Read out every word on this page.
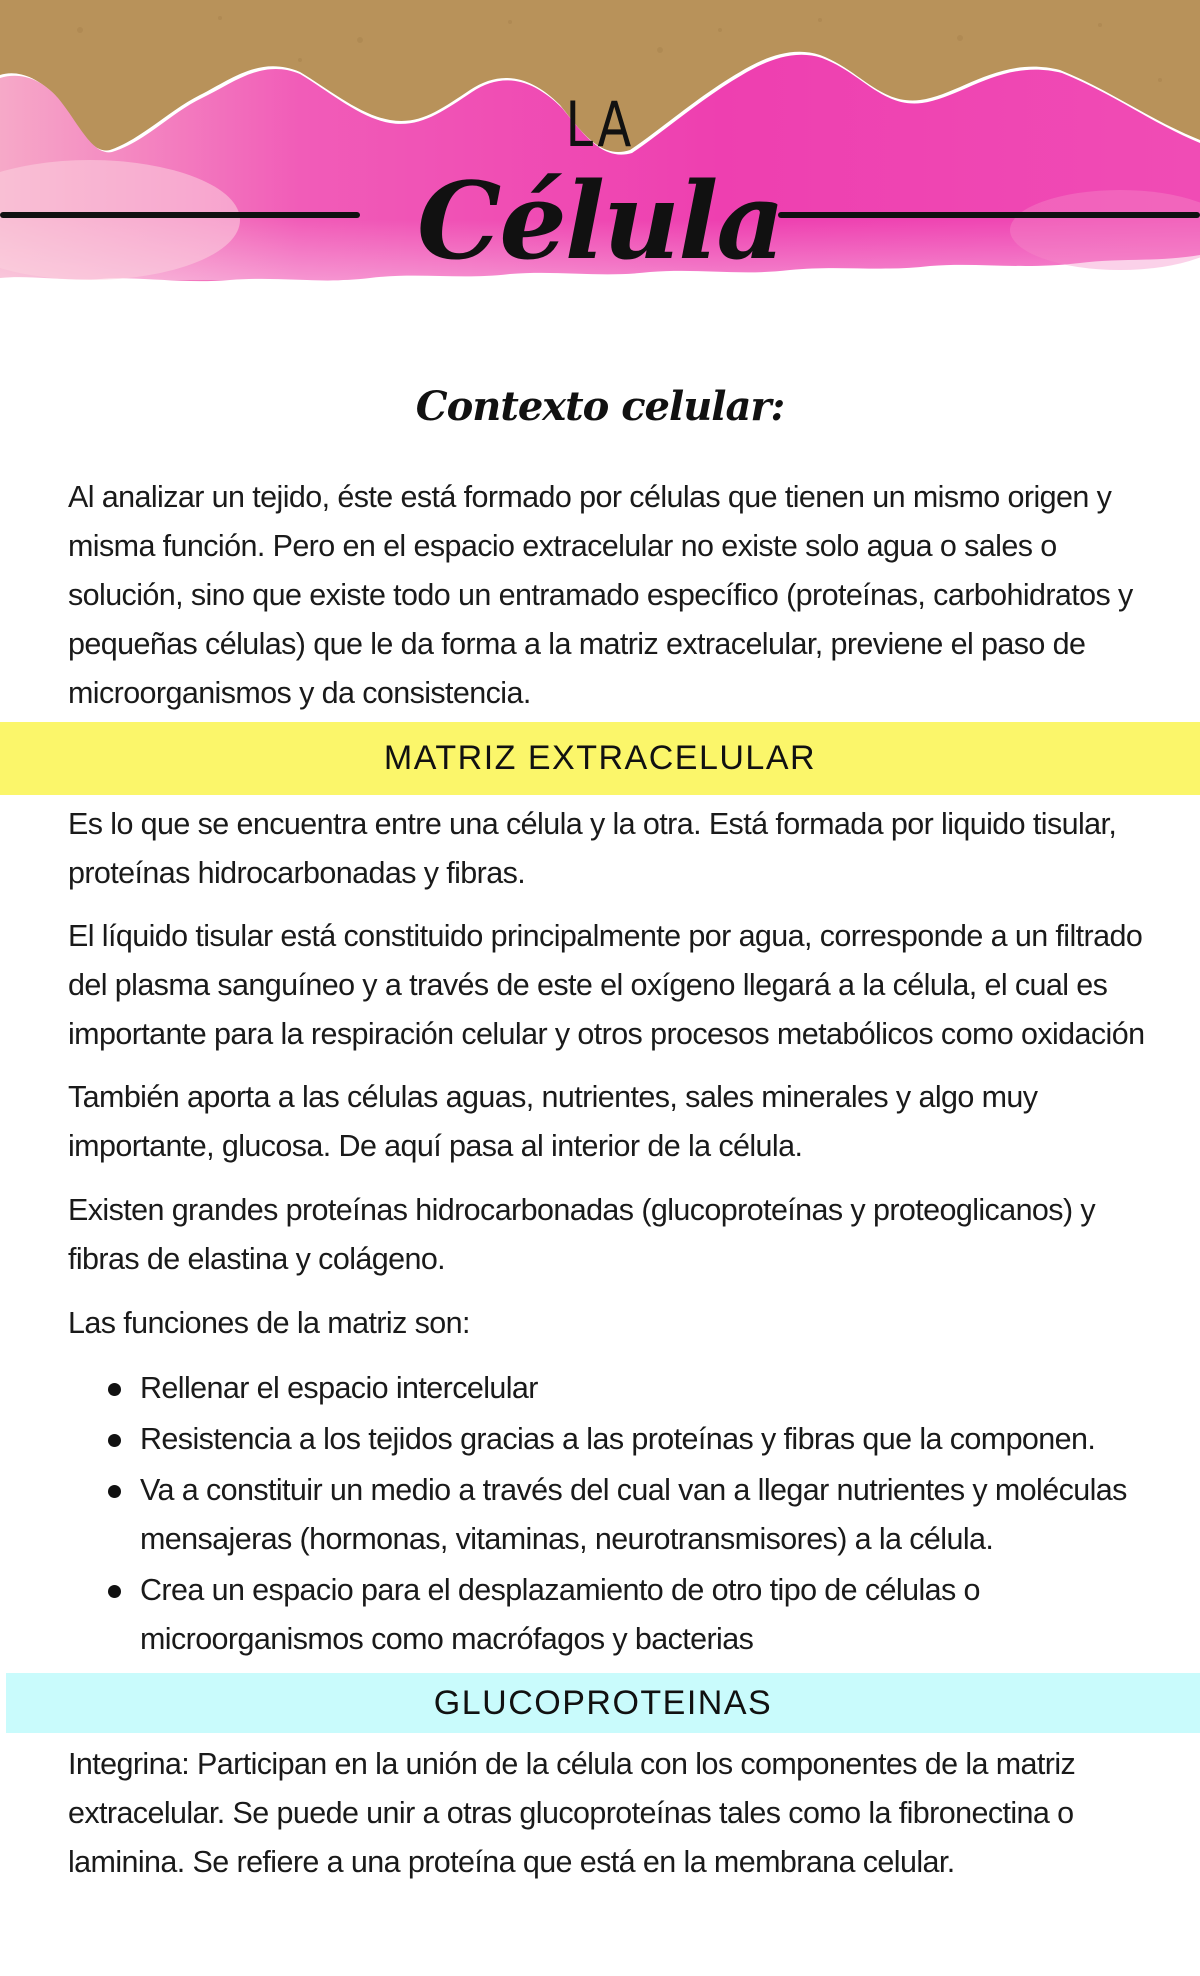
LA
Célula
Contexto celular:
Al analizar un tejido, éste está formado por células que tienen un mismo origen y misma función. Pero en el espacio extracelular no existe solo agua o sales o solución, sino que existe todo un entramado específico (proteínas, carbohidratos y pequeñas células) que le da forma a la matriz extracelular, previene el paso de microorganismos y da consistencia.
MATRIZ EXTRACELULAR
Es lo que se encuentra entre una célula y la otra. Está formada por liquido tisular, proteínas hidrocarbonadas y fibras.
El líquido tisular está constituido principalmente por agua, corresponde a un filtrado del plasma sanguíneo y a través de este el oxígeno llegará a la célula, el cual es importante para la respiración celular y otros procesos metabólicos como oxidación
También aporta a las células aguas, nutrientes, sales minerales y algo muy importante, glucosa. De aquí pasa al interior de la célula.
Existen grandes proteínas hidrocarbonadas (glucoproteínas y proteoglicanos) y fibras de elastina y colágeno.
Las funciones de la matriz son:
Rellenar el espacio intercelular
Resistencia a los tejidos gracias a las proteínas y fibras que la componen.
Va a constituir un medio a través del cual van a llegar nutrientes y moléculas mensajeras (hormonas, vitaminas, neurotransmisores) a la célula.
Crea un espacio para el desplazamiento de otro tipo de células o microorganismos como macrófagos y bacterias
GLUCOPROTEINAS
Integrina: Participan en la unión de la célula con los componentes de la matriz extracelular. Se puede unir a otras glucoproteínas tales como la fibronectina o laminina. Se refiere a una proteína que está en la membrana celular.
